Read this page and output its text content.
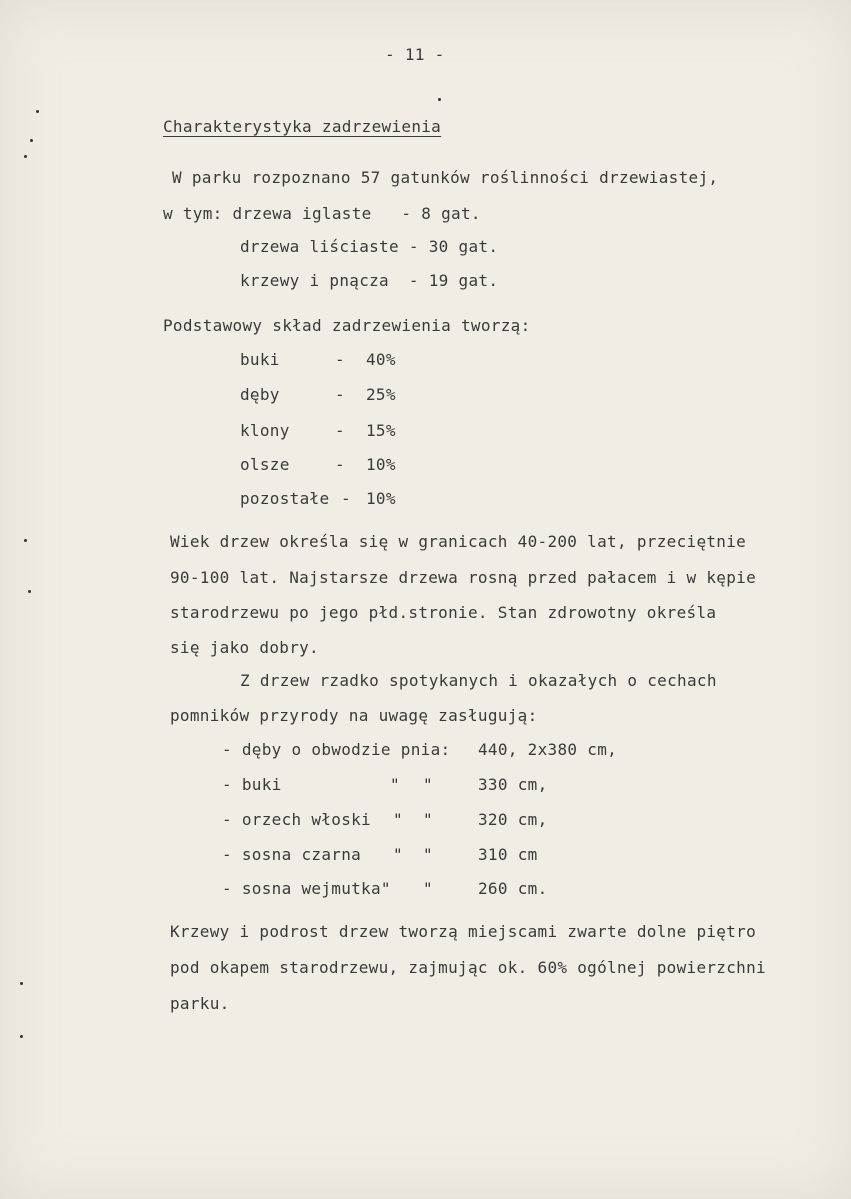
- 11 -
Charakterystyka zadrzewienia
W parku rozpoznano 57 gatunków roślinności drzewiastej,
w tym: drzewa iglaste   - 8 gat.
drzewa liściaste - 30 gat.
krzewy i pnącza  - 19 gat.
Podstawowy skład zadrzewienia tworzą:
buki	- 40%
dęby	- 25%
klony	- 15%
olsze	- 10%
pozostałe - 10%
Wiek drzew określa się w granicach 40-200 lat, przeciętnie
90-100 lat. Najstarsze drzewa rosną przed pałacem i w kępie
starodrzewu po jego płd.stronie. Stan zdrowotny określa
się jako dobry.
Z drzew rzadko spotykanych i okazałych o cechach
pomników przyrody na uwagę zasługują:
- dęby o obwodzie pnia: 440, 2x380 cm,
- buki	" "	330 cm,
- orzech włoski " "	320 cm,
- sosna czarna " "	310 cm
- sosna wejmutka" "	260 cm.
Krzewy i podrost drzew tworzą miejscami zwarte dolne piętro
pod okapem starodrzewu, zajmując ok. 60% ogólnej powierzchni
parku.
